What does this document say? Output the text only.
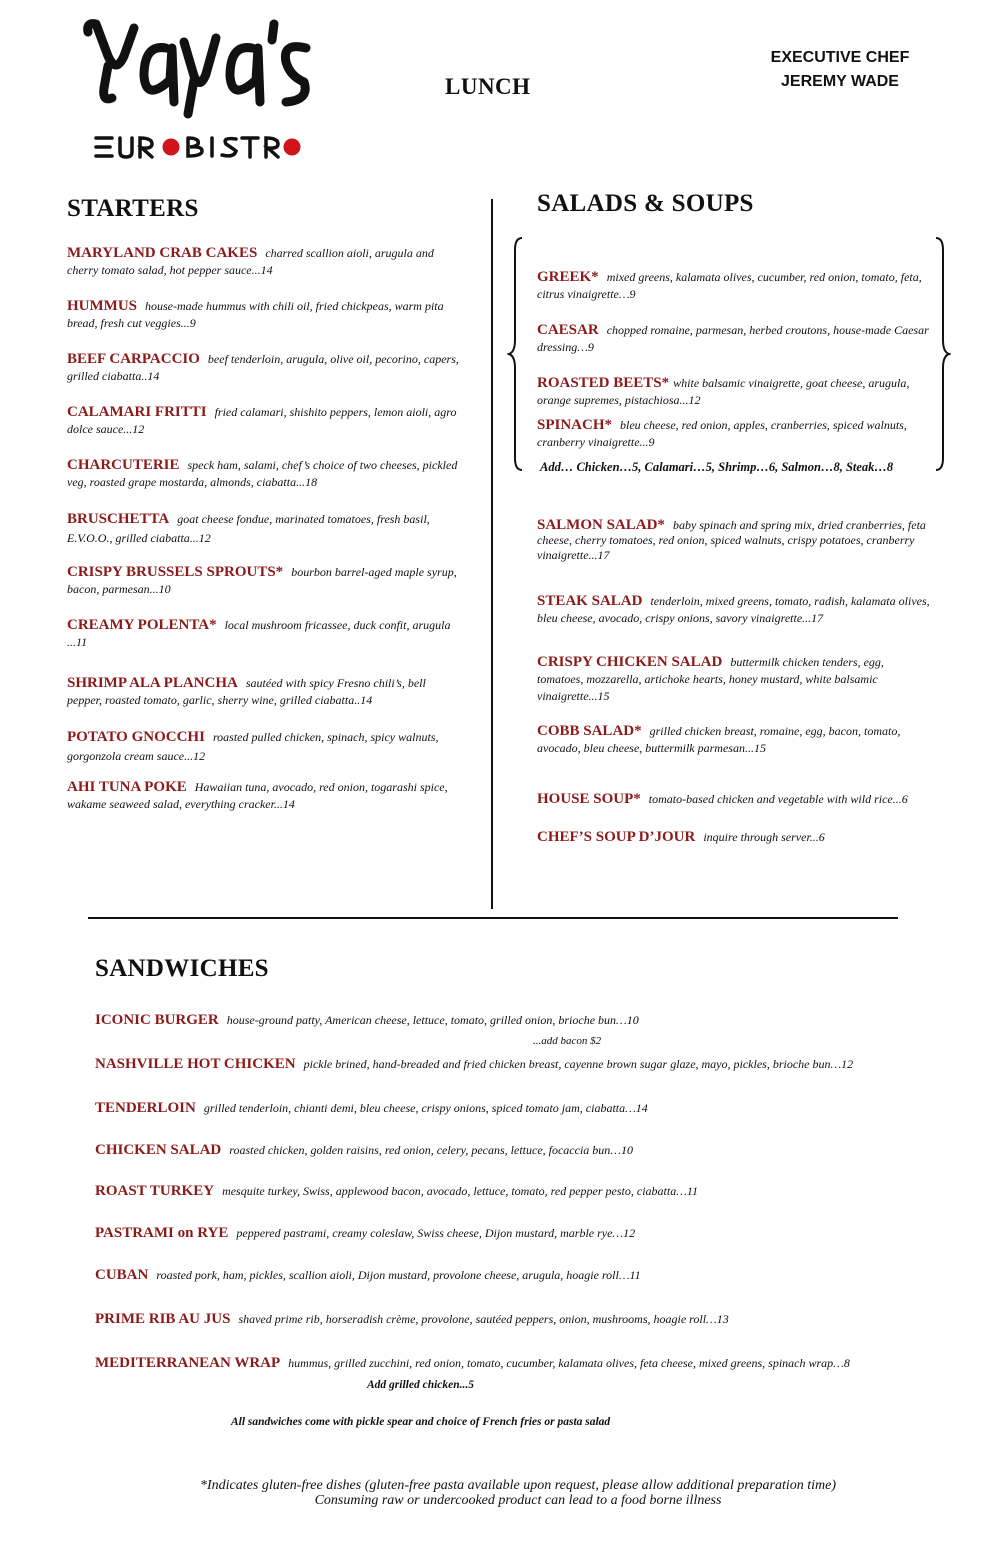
LUNCH
EXECUTIVE CHEF
JEREMY WADE
STARTERS
MARYLAND CRAB CAKES charred scallion aioli, arugula and cherry tomato salad, hot pepper sauce...14
HUMMUS house-made hummus with chili oil, fried chickpeas, warm pita bread, fresh cut veggies...9
BEEF CARPACCIO beef tenderloin, arugula, olive oil, pecorino, capers, grilled ciabatta..14
CALAMARI FRITTI fried calamari, shishito peppers, lemon aioli, agro dolce sauce...12
CHARCUTERIE speck ham, salami, chef’s choice of two cheeses, pickled veg, roasted grape mostarda, almonds, ciabatta...18
BRUSCHETTA goat cheese fondue, marinated tomatoes, fresh basil, E.V.O.O., grilled ciabatta...12
CRISPY BRUSSELS SPROUTS* bourbon barrel-aged maple syrup, bacon, parmesan...10
CREAMY POLENTA* local mushroom fricassee, duck confit, arugula ...11
SHRIMP ALA PLANCHA sautéed with spicy Fresno chili’s, bell pepper, roasted tomato, garlic, sherry wine, grilled ciabatta..14
POTATO GNOCCHI roasted pulled chicken, spinach, spicy walnuts, gorgonzola cream sauce...12
AHI TUNA POKE Hawaiian tuna, avocado, red onion, togarashi spice, wakame seaweed salad, everything cracker...14
SALADS & SOUPS
GREEK* mixed greens, kalamata olives, cucumber, red onion, tomato, feta, citrus vinaigrette…9
CAESAR chopped romaine, parmesan, herbed croutons, house-made Caesar dressing…9
ROASTED BEETS* white balsamic vinaigrette, goat cheese, arugula, orange supremes, pistachiosa...12
SPINACH* bleu cheese, red onion, apples, cranberries, spiced walnuts, cranberry vinaigrette...9
Add… Chicken…5, Calamari…5, Shrimp…6, Salmon…8, Steak…8
SALMON SALAD* baby spinach and spring mix, dried cranberries, feta cheese, cherry tomatoes, red onion, spiced walnuts, crispy potatoes, cranberry vinaigrette...17
STEAK SALAD tenderloin, mixed greens, tomato, radish, kalamata olives, bleu cheese, avocado, crispy onions, savory vinaigrette...17
CRISPY CHICKEN SALAD buttermilk chicken tenders, egg, tomatoes, mozzarella, artichoke hearts, honey mustard, white balsamic vinaigrette...15
COBB SALAD* grilled chicken breast, romaine, egg, bacon, tomato, avocado, bleu cheese, buttermilk parmesan...15
HOUSE SOUP* tomato-based chicken and vegetable with wild rice...6
CHEF’S SOUP D’JOUR inquire through server...6
SANDWICHES
ICONIC BURGER house-ground patty, American cheese, lettuce, tomato, grilled onion, brioche bun…10
...add bacon $2
NASHVILLE HOT CHICKEN pickle brined, hand-breaded and fried chicken breast, cayenne brown sugar glaze, mayo, pickles, brioche bun…12
TENDERLOIN grilled tenderloin, chianti demi, bleu cheese, crispy onions, spiced tomato jam, ciabatta…14
CHICKEN SALAD roasted chicken, golden raisins, red onion, celery, pecans, lettuce, focaccia bun…10
ROAST TURKEY mesquite turkey, Swiss, applewood bacon, avocado, lettuce, tomato, red pepper pesto, ciabatta…11
PASTRAMI on RYE peppered pastrami, creamy coleslaw, Swiss cheese, Dijon mustard, marble rye…12
CUBAN roasted pork, ham, pickles, scallion aioli, Dijon mustard, provolone cheese, arugula, hoagie roll…11
PRIME RIB AU JUS shaved prime rib, horseradish crème, provolone, sautéed peppers, onion, mushrooms, hoagie roll…13
MEDITERRANEAN WRAP hummus, grilled zucchini, red onion, tomato, cucumber, kalamata olives, feta cheese, mixed greens, spinach wrap…8
Add grilled chicken...5
All sandwiches come with pickle spear and choice of French fries or pasta salad
*Indicates gluten-free dishes (gluten-free pasta available upon request, please allow additional preparation time)
Consuming raw or undercooked product can lead to a food borne illness
